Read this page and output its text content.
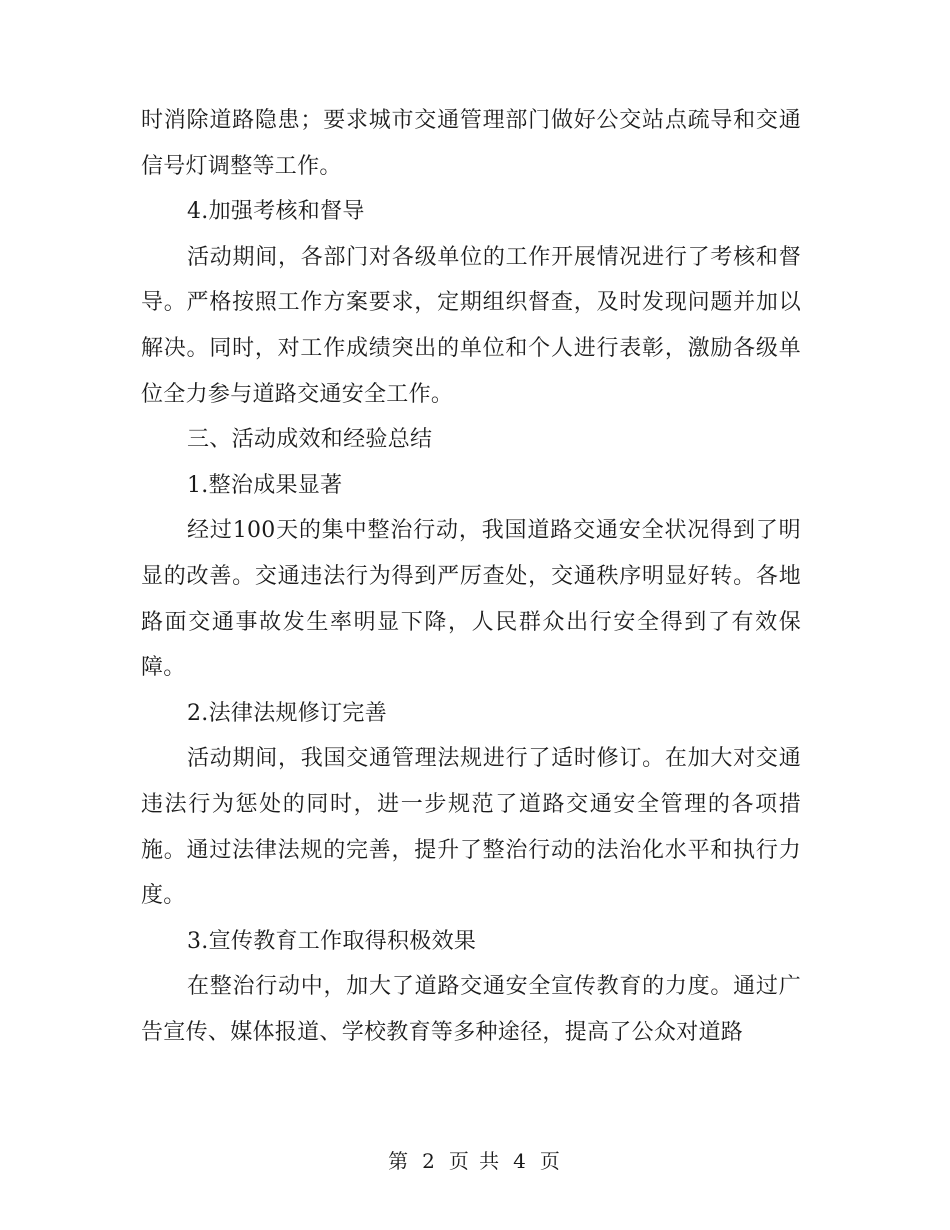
时消除道路隐患；要求城市交通管理部门做好公交站点疏导和交通信号灯调整等工作。

4.加强考核和督导

活动期间，各部门对各级单位的工作开展情况进行了考核和督导。严格按照工作方案要求，定期组织督查，及时发现问题并加以解决。同时，对工作成绩突出的单位和个人进行表彰，激励各级单位全力参与道路交通安全工作。

三、活动成效和经验总结

1.整治成果显著

经过100天的集中整治行动，我国道路交通安全状况得到了明显的改善。交通违法行为得到严厉查处，交通秩序明显好转。各地路面交通事故发生率明显下降，人民群众出行安全得到了有效保障。

2.法律法规修订完善

活动期间，我国交通管理法规进行了适时修订。在加大对交通违法行为惩处的同时，进一步规范了道路交通安全管理的各项措施。通过法律法规的完善，提升了整治行动的法治化水平和执行力度。

3.宣传教育工作取得积极效果

在整治行动中，加大了道路交通安全宣传教育的力度。通过广告宣传、媒体报道、学校教育等多种途径，提高了公众对道路

第 2 页 共 4 页
